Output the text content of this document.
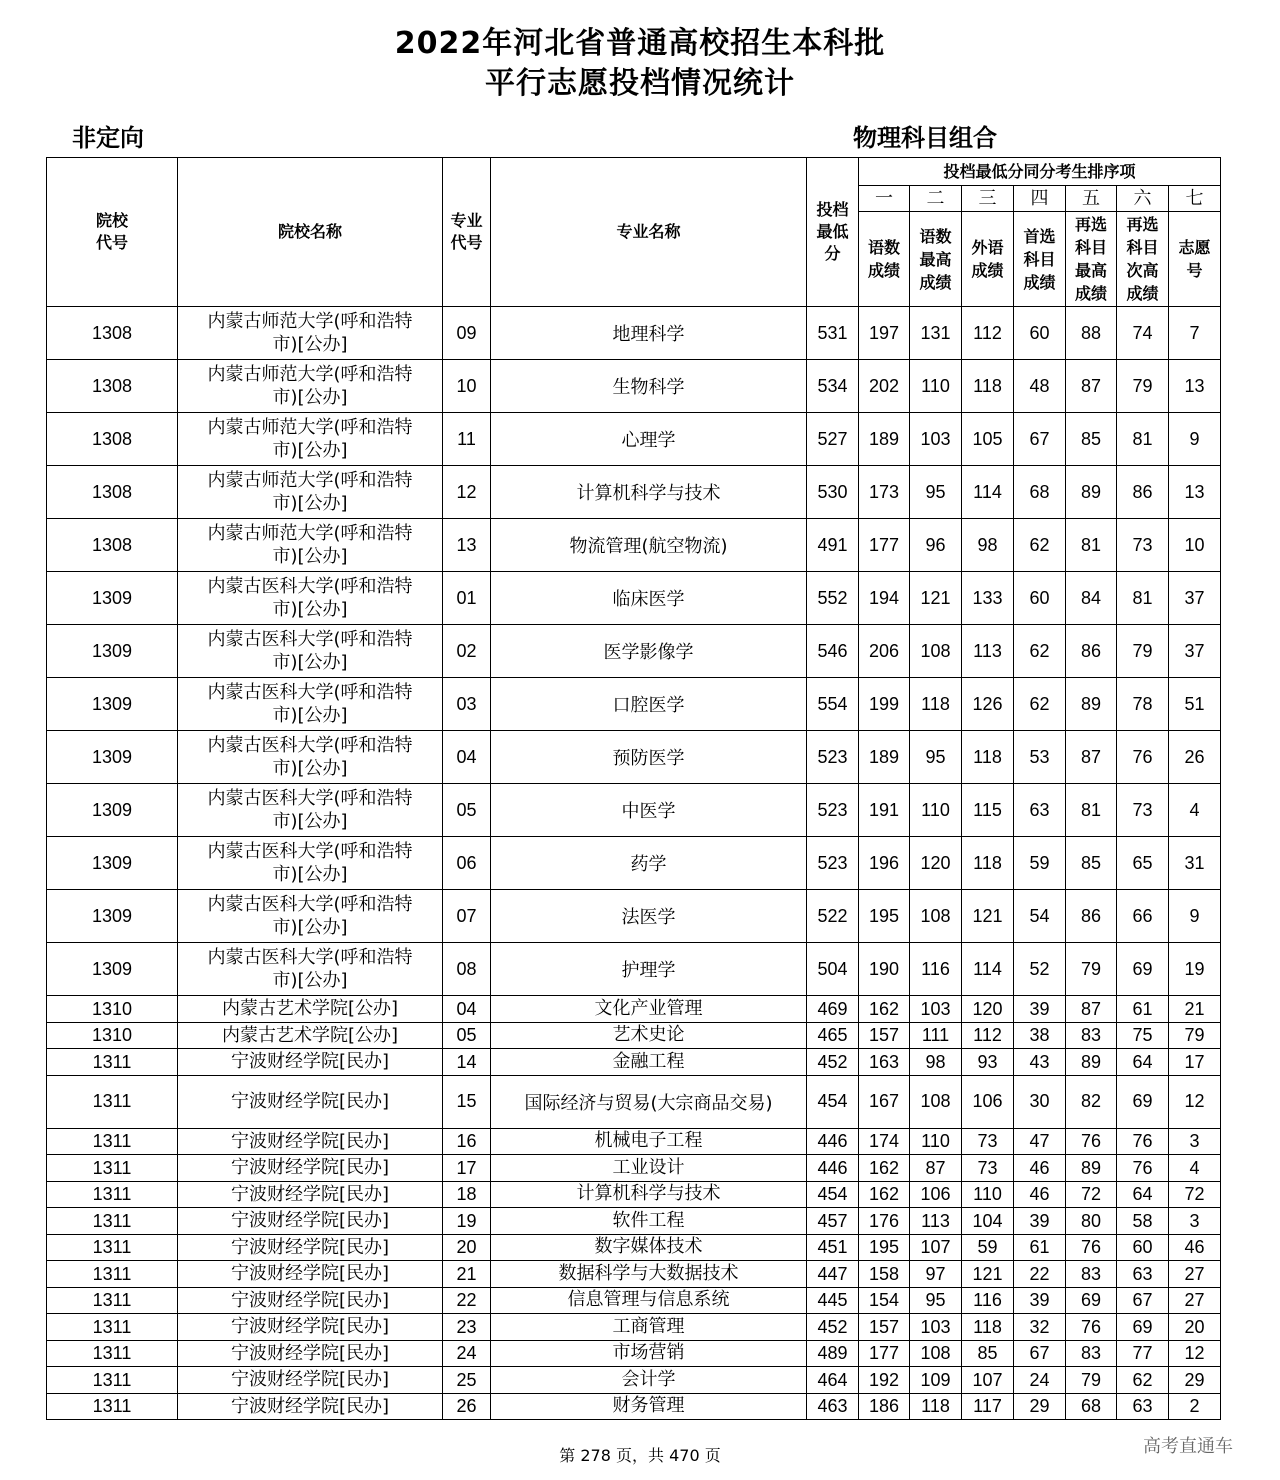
2022年河北省普通高校招生本科批
平行志愿投档情况统计
非定向	物理科目组合
院校代号	院校名称	专业代号	专业名称	投档最低分	投档最低分同分考生排序项						
					一	二	三	四	五	六	七

					语数成绩	语数最高成绩	外语成绩	首选科目成绩	再选科目最高成绩	再选科目次高成绩	志愿号

1308	内蒙古师范大学(呼和浩特市)[公办]	09	地理科学	531	197	131	112	60	88	74	7
1308	内蒙古师范大学(呼和浩特市)[公办]	10	生物科学	534	202	110	118	48	87	79	13
1308	内蒙古师范大学(呼和浩特市)[公办]	11	心理学	527	189	103	105	67	85	81	9
1308	内蒙古师范大学(呼和浩特市)[公办]	12	计算机科学与技术	530	173	95	114	68	89	86	13
1308	内蒙古师范大学(呼和浩特市)[公办]	13	物流管理(航空物流)	491	177	96	98	62	81	73	10
1309	内蒙古医科大学(呼和浩特市)[公办]	01	临床医学	552	194	121	133	60	84	81	37
1309	内蒙古医科大学(呼和浩特市)[公办]	02	医学影像学	546	206	108	113	62	86	79	37
1309	内蒙古医科大学(呼和浩特市)[公办]	03	口腔医学	554	199	118	126	62	89	78	51
1309	内蒙古医科大学(呼和浩特市)[公办]	04	预防医学	523	189	95	118	53	87	76	26
1309	内蒙古医科大学(呼和浩特市)[公办]	05	中医学	523	191	110	115	63	81	73	4
1309	内蒙古医科大学(呼和浩特市)[公办]	06	药学	523	196	120	118	59	85	65	31
1309	内蒙古医科大学(呼和浩特市)[公办]	07	法医学	522	195	108	121	54	86	66	9
1309	内蒙古医科大学(呼和浩特市)[公办]	08	护理学	504	190	116	114	52	79	69	19
1310	内蒙古艺术学院[公办]	04	文化产业管理	469	162	103	120	39	87	61	21
1310	内蒙古艺术学院[公办]	05	艺术史论	465	157	111	112	38	83	75	79
1311	宁波财经学院[民办]	14	金融工程	452	163	98	93	43	89	64	17
1311	宁波财经学院[民办]	15	国际经济与贸易(大宗商品交易)	454	167	108	106	30	82	69	12
1311	宁波财经学院[民办]	16	机械电子工程	446	174	110	73	47	76	76	3
1311	宁波财经学院[民办]	17	工业设计	446	162	87	73	46	89	76	4
1311	宁波财经学院[民办]	18	计算机科学与技术	454	162	106	110	46	72	64	72
1311	宁波财经学院[民办]	19	软件工程	457	176	113	104	39	80	58	3
1311	宁波财经学院[民办]	20	数字媒体技术	451	195	107	59	61	76	60	46
1311	宁波财经学院[民办]	21	数据科学与大数据技术	447	158	97	121	22	83	63	27
1311	宁波财经学院[民办]	22	信息管理与信息系统	445	154	95	116	39	69	67	27
1311	宁波财经学院[民办]	23	工商管理	452	157	103	118	32	76	69	20
1311	宁波财经学院[民办]	24	市场营销	489	177	108	85	67	83	77	12
1311	宁波财经学院[民办]	25	会计学	464	192	109	107	24	79	62	29
1311	宁波财经学院[民办]	26	财务管理	463	186	118	117	29	68	63	2
第 278 页，共 470 页	高考直通车
